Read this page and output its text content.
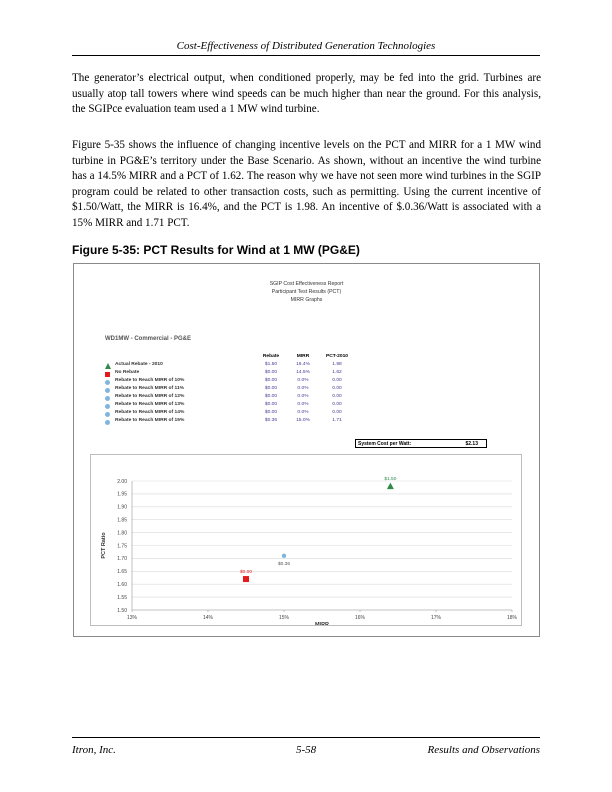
Cost-Effectiveness of Distributed Generation Technologies

The generator’s electrical output, when conditioned properly, may be fed into the grid. Turbines are usually atop tall towers where wind speeds can be much higher than near the ground. For this analysis, the SGIPce evaluation team used a 1 MW wind turbine.

Figure 5-35 shows the influence of changing incentive levels on the PCT and MIRR for a 1 MW wind turbine in PG&E’s territory under the Base Scenario. As shown, without an incentive the wind turbine has a 14.5% MIRR and a PCT of 1.62. The reason why we have not seen more wind turbines in the SGIP program could be related to other transaction costs, such as permitting. Using the current incentive of $1.50/Watt, the MIRR is 16.4%, and the PCT is 1.98. An incentive of $.0.36/Watt is associated with a 15% MIRR and 1.71 PCT.

Figure 5-35: PCT Results for Wind at 1 MW (PG&E)
SGIP Cost Effectiveness Report
Participant Test Results (PCT)
MIRR Graphs
WD1MW - Commercial - PG&E
Rebate	MIRR	PCT-2010
Actual Rebate - 2010	$1.50	16.4%	1.98
No Rebate	$0.00	14.5%	1.62
Rebate to Reach MIRR of 10%	$0.00	0.0%	0.00
Rebate to Reach MIRR of 11%	$0.00	0.0%	0.00
Rebate to Reach MIRR of 12%	$0.00	0.0%	0.00
Rebate to Reach MIRR of 13%	$0.00	0.0%	0.00
Rebate to Reach MIRR of 14%	$0.00	0.0%	0.00
Rebate to Reach MIRR of 15%	$0.36	15.0%	1.71
System Cost per Watt:	$2.13
2.00
1.95
1.90
1.85
1.80
1.75
1.70
1.65
1.60
1.55
1.50
13%	14%	15%	16%	17%	18%
MIRR
PCT Ratio
$1.50
$0.00
$0.36
Itron, Inc.	5-58	Results and Observations
